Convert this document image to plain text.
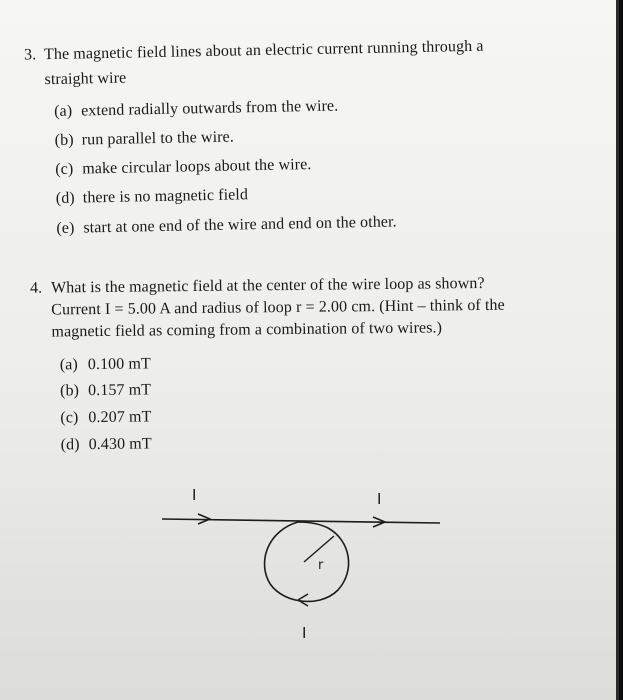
3. The magnetic field lines about an electric current running through a
straight wire
(a) extend radially outwards from the wire.
(b) run parallel to the wire.
(c) make circular loops about the wire.
(d) there is no magnetic field
(e) start at one end of the wire and end on the other.
4. What is the magnetic field at the center of the wire loop as shown?
Current I = 5.00 A and radius of loop r = 2.00 cm. (Hint – think of the
magnetic field as coming from a combination of two wires.)
(a) 0.100 mT
(b) 0.157 mT
(c) 0.207 mT
(d) 0.430 mT
I	I
I
r
